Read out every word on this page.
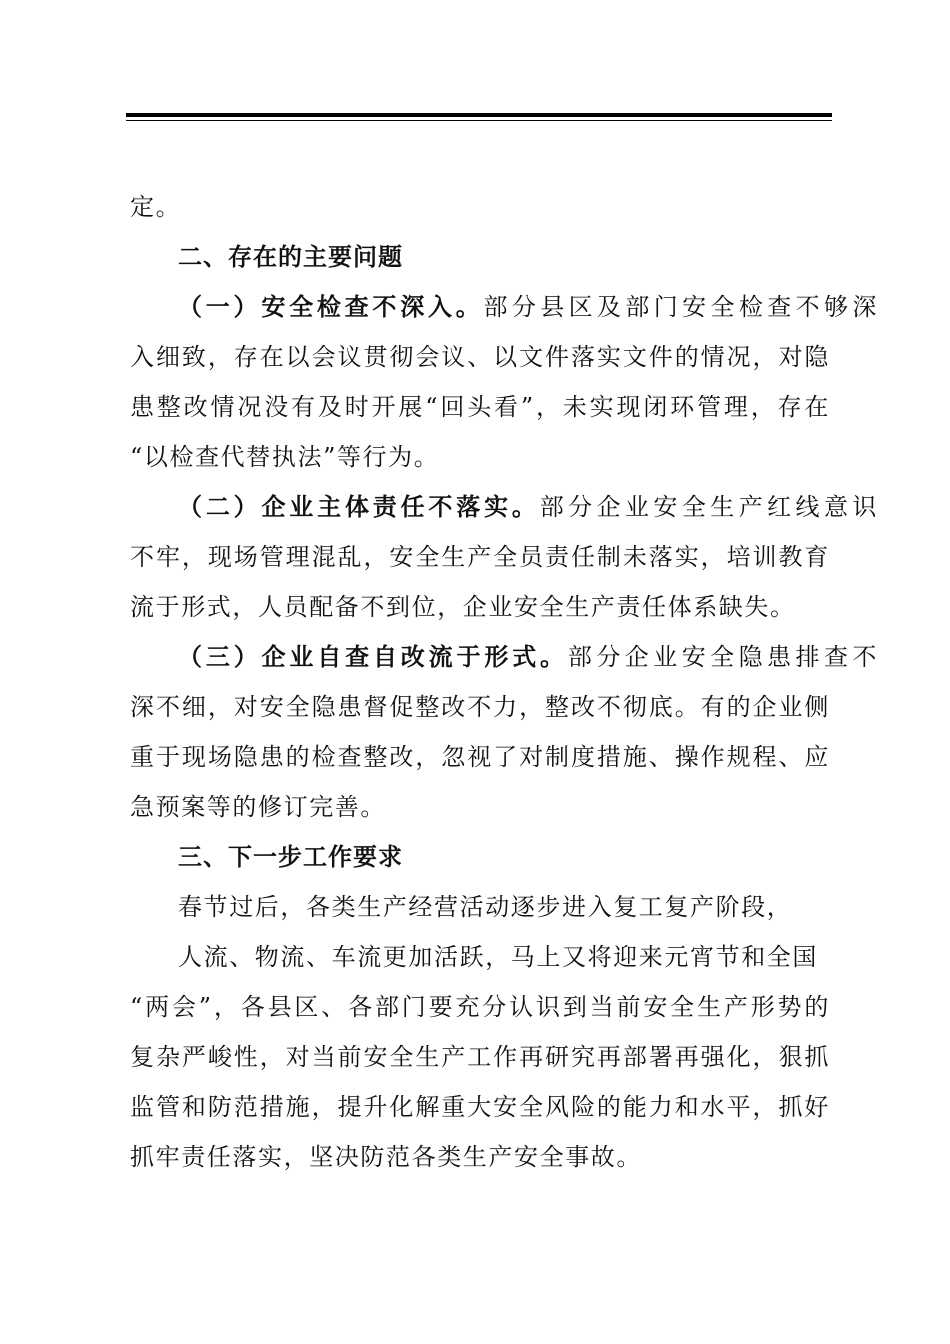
定。
二、存在的主要问题
（一）安全检查不深入。部分县区及部门安全检查不够深
入细致，存在以会议贯彻会议、以文件落实文件的情况，对隐
患整改情况没有及时开展“回头看”，未实现闭环管理，存在
“以检查代替执法”等行为。
（二）企业主体责任不落实。部分企业安全生产红线意识
不牢，现场管理混乱，安全生产全员责任制未落实，培训教育
流于形式，人员配备不到位，企业安全生产责任体系缺失。
（三）企业自查自改流于形式。部分企业安全隐患排查不
深不细，对安全隐患督促整改不力，整改不彻底。有的企业侧
重于现场隐患的检查整改，忽视了对制度措施、操作规程、应
急预案等的修订完善。
三、下一步工作要求
春节过后，各类生产经营活动逐步进入复工复产阶段，
人流、物流、车流更加活跃，马上又将迎来元宵节和全国
“两会”，各县区、各部门要充分认识到当前安全生产形势的
复杂严峻性，对当前安全生产工作再研究再部署再强化，狠抓
监管和防范措施，提升化解重大安全风险的能力和水平，抓好
抓牢责任落实，坚决防范各类生产安全事故。
